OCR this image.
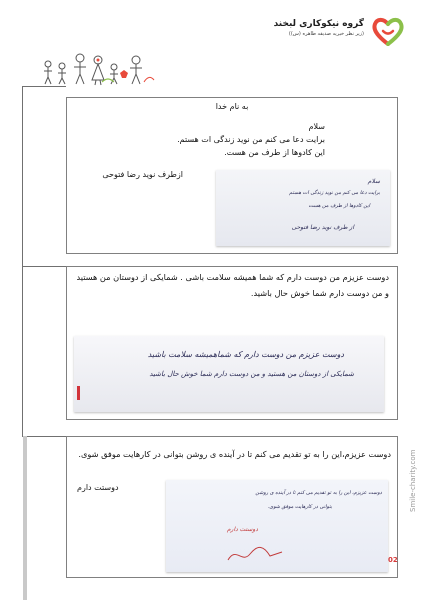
گروه نیکوکاری لبخند
(زیر نظر خیریه صدیقه طاهره (س))
به نام خدا
سلام
برایت دعا می کنم من نوید زندگی ات هستم.
این کادوها از طرف من هست.
ازطرف نوید رضا فتوحی
سلام
برایت دعا می کنم من نوید زندگی ات هستم
این کادوها از طرف من هست
از طرف نوید رضا فتوحی
دوست عزیزم من دوست دارم که شما همیشه سلامت باشی . شمایکی از دوستان من هستید و من دوست دارم شما خوش حال باشید.
دوست عزیزم من دوست دارم که شماهمیشه سلامت باشید
شمایکی از دوستان من هستید و من دوست دارم شما خوش حال باشید
دوست عزیزم،این را به تو تقدیم می کنم تا در آینده ی روشن بتوانی در کارهایت موفق شوی.
دوستت دارم
دوست عزیزم، این را به تو تقدیم می کنم تا در آینده ی روشن
بتوانی در کارهایت موفق شوی.
دوستت دارم
02
Smile-charity.com
